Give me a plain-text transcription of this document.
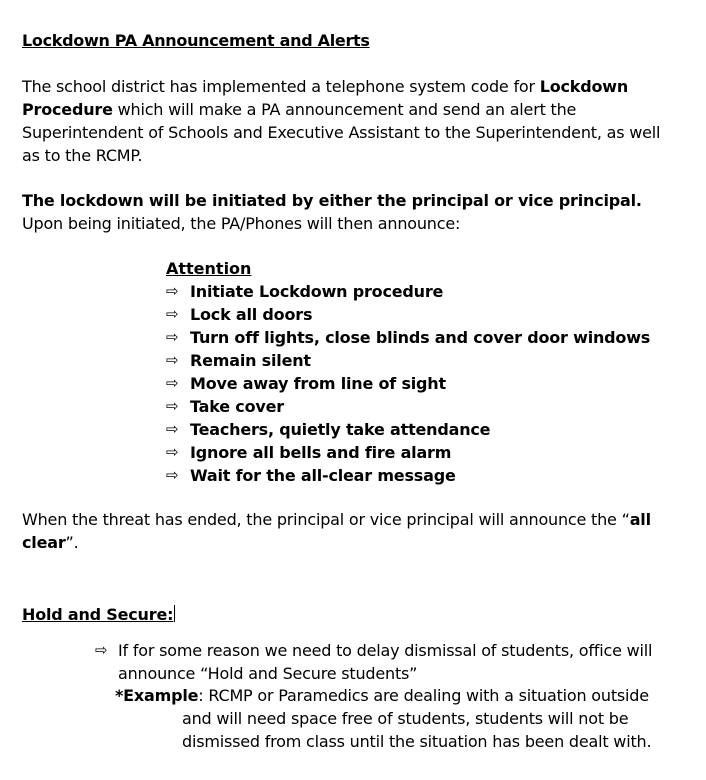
Lockdown PA Announcement and Alerts
The school district has implemented a telephone system code for Lockdown Procedure which will make a PA announcement and send an alert the Superintendent of Schools and Executive Assistant to the Superintendent, as well as to the RCMP.
The lockdown will be initiated by either the principal or vice principal.  Upon being initiated, the PA/Phones will then announce:
Attention
⇨ Initiate Lockdown procedure
⇨ Lock all doors
⇨ Turn off lights, close blinds and cover door windows
⇨ Remain silent
⇨ Move away from line of sight
⇨ Take cover
⇨ Teachers, quietly take attendance
⇨ Ignore all bells and fire alarm
⇨ Wait for the all-clear message
When the threat has ended, the principal or vice principal will announce the “all clear”.
Hold and Secure:
⇨ If for some reason we need to delay dismissal of students, office will announce “Hold and Secure students”
*Example: RCMP or Paramedics are dealing with a situation outside
and will need space free of students, students will not be dismissed from class until the situation has been dealt with.
